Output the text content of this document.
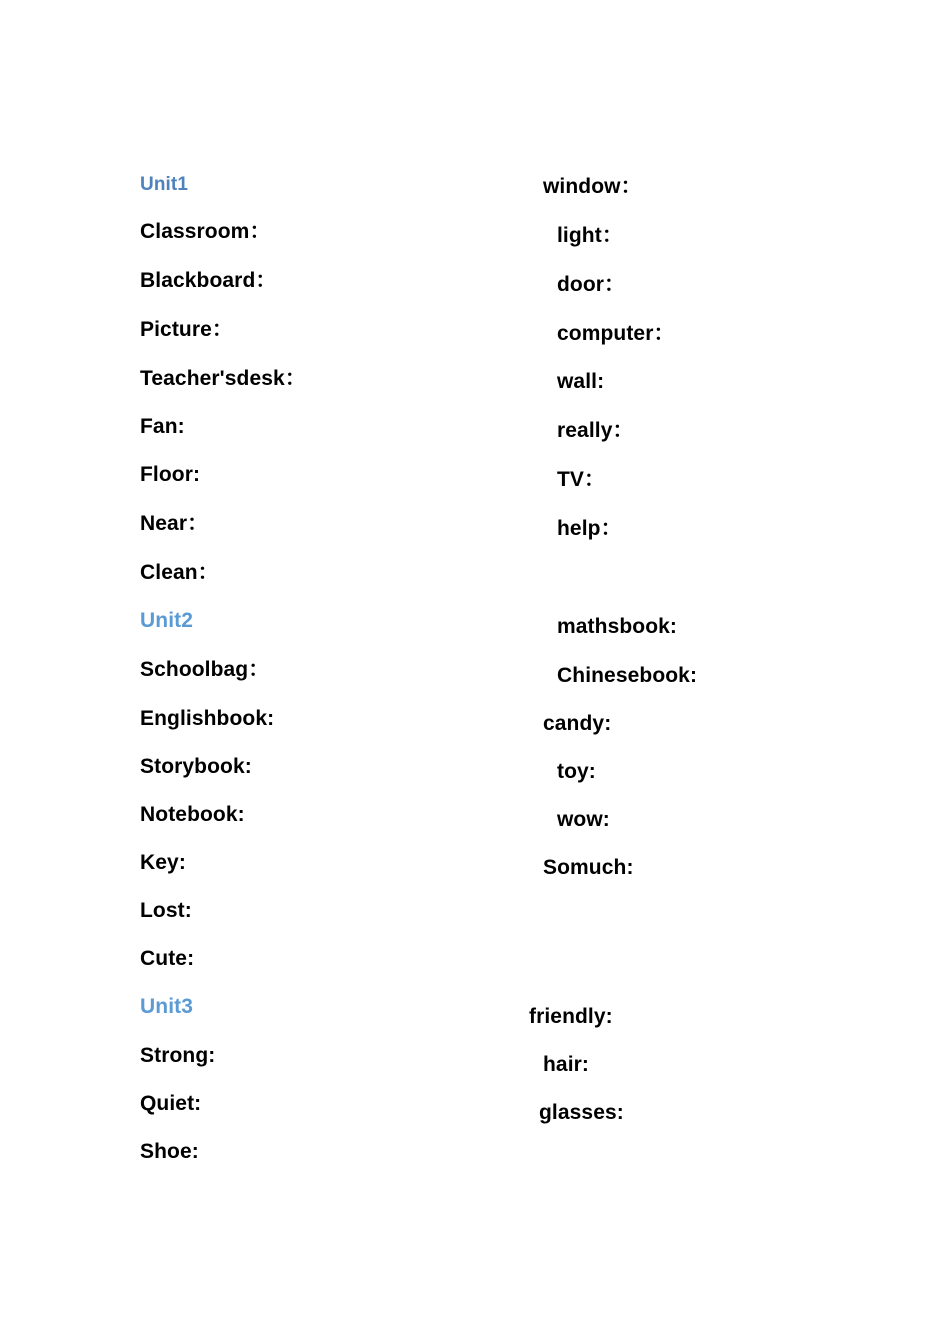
Unit1
Classroom：
Blackboard：
Picture：
Teacher'sdesk：
Fan:
Floor:
Near：
Clean：
Unit2
Schoolbag：
Englishbook:
Storybook:
Notebook:
Key:
Lost:
Cute:
Unit3
Strong:
Quiet:
Shoe:
window：
light：
door：
computer：
wall:
really：
TV：
help：
mathsbook:
Chinesebook:
candy:
toy:
wow:
Somuch:
friendly:
hair:
glasses:
